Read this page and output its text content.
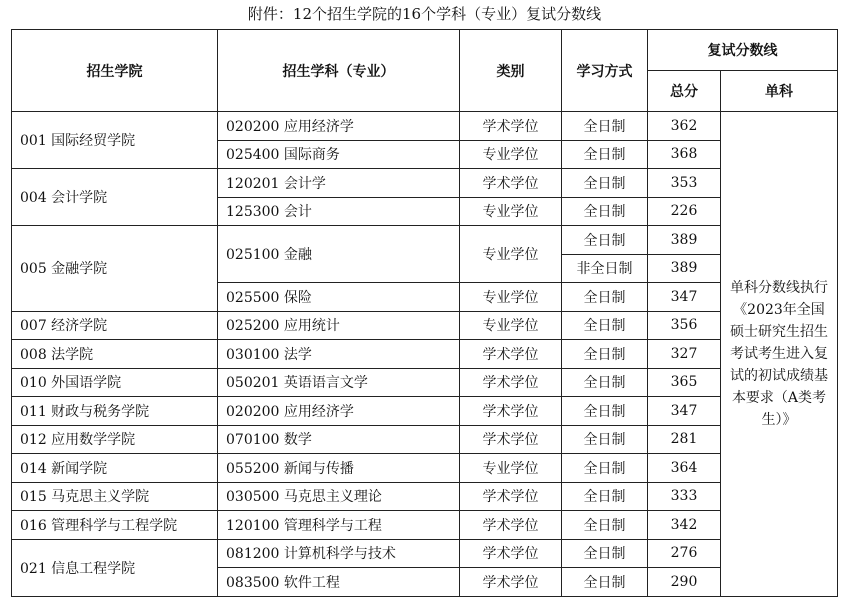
附件：12个招生学院的16个学科（专业）复试分数线
招生学院	招生学科（专业）	类别	学习方式	复试分数线	
				总分	单科
001 国际经贸学院	020200 应用经济学	学术学位	全日制	362	单科分数线执行《2023年全国硕士研究生招生考试考生进入复试的初试成绩基本要求（A类考生）》
	025400 国际商务	专业学位	全日制	368	
004 会计学院	120201 会计学	学术学位	全日制	353	
	125300 会计	专业学位	全日制	226	
005 金融学院	025100 金融	专业学位	全日制	389	
			非全日制	389	
	025500 保险	专业学位	全日制	347	
007 经济学院	025200 应用统计	专业学位	全日制	356	
008 法学院	030100 法学	学术学位	全日制	327	
010 外国语学院	050201 英语语言文学	学术学位	全日制	365	
011 财政与税务学院	020200 应用经济学	学术学位	全日制	347	
012 应用数学学院	070100 数学	学术学位	全日制	281	
014 新闻学院	055200 新闻与传播	专业学位	全日制	364	
015 马克思主义学院	030500 马克思主义理论	学术学位	全日制	333	
016 管理科学与工程学院	120100 管理科学与工程	学术学位	全日制	342	
021 信息工程学院	081200 计算机科学与技术	学术学位	全日制	276	
	083500 软件工程	学术学位	全日制	290	
